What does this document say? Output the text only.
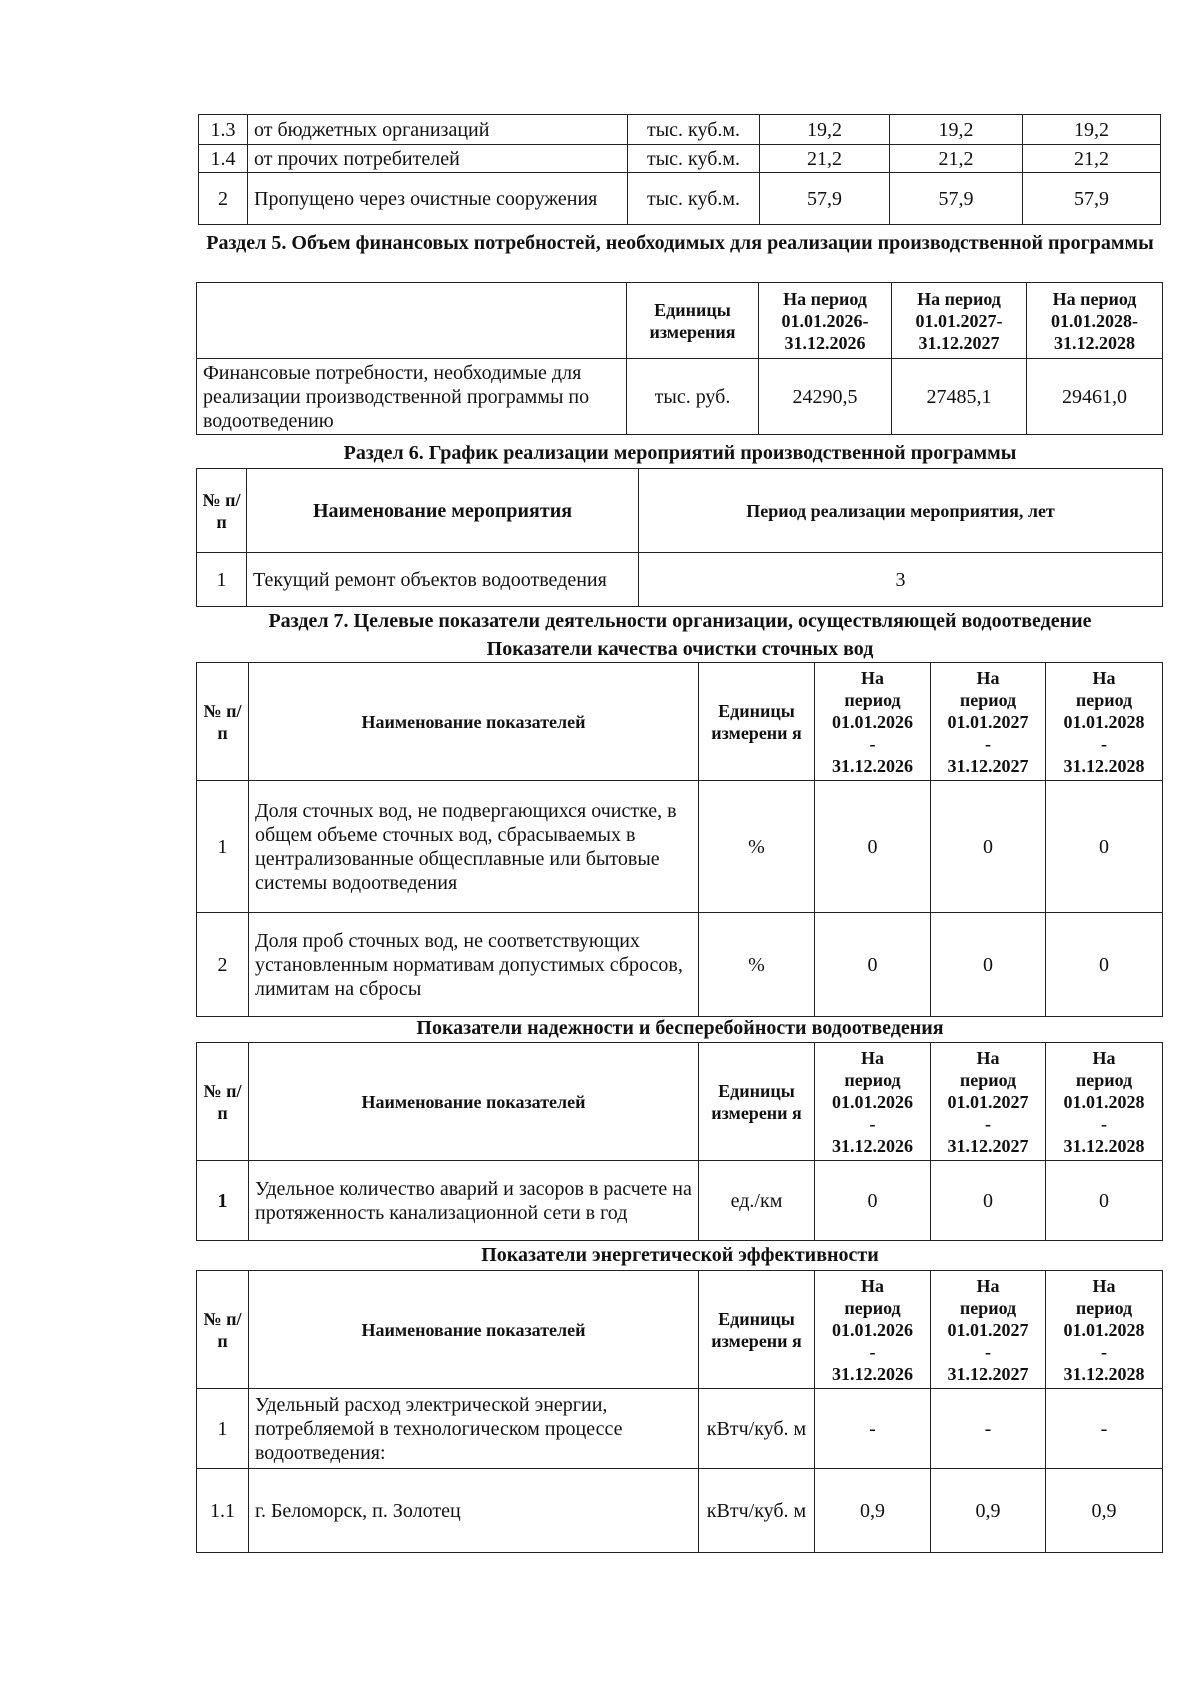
1.3	от бюджетных организаций	тыс. куб.м.	19,2	19,2	19,2
1.4	от прочих потребителей	тыс. куб.м.	21,2	21,2	21,2
2	Пропущено через очистные сооружения	тыс. куб.м.	57,9	57,9	57,9
Раздел 5. Объем финансовых потребностей, необходимых для реализации производственной программы
	Единицы измерения	На период 01.01.2026- 31.12.2026	На период 01.01.2027- 31.12.2027	На период 01.01.2028- 31.12.2028
Финансовые потребности, необходимые для реализации производственной программы по водоотведению	тыс. руб.	24290,5	27485,1	29461,0
Раздел 6. График реализации мероприятий производственной программы
№ п/ п	Наименование мероприятия	Период реализации мероприятия, лет
1	Текущий ремонт объектов водоотведения	3
Раздел 7. Целевые показатели деятельности организации, осуществляющей водоотведение
Показатели качества очистки сточных вод
№ п/п	Наименование показателей	Единицы измерени я	На
период
01.01.2026
-
31.12.2026	На
период
01.01.2027
-
31.12.2027	На
период
01.01.2028
-
31.12.2028

1	Доля сточных вод, не подвергающихся очистке, в общем объеме сточных вод, сбрасываемых в централизованные общесплавные или бытовые системы водоотведения	%	0	0	0
2	Доля проб сточных вод, не соответствующих установленным нормативам допустимых сбросов, лимитам на сбросы	%	0	0	0
Показатели надежности и бесперебойности водоотведения
№ п/п	Наименование показателей	Единицы измерени я	На
период
01.01.2026
-
31.12.2026	На
период
01.01.2027
-
31.12.2027	На
период
01.01.2028
-
31.12.2028

1	Удельное количество аварий и засоров в расчете на протяженность канализационной сети в год	ед./км	0	0	0
Показатели энергетической эффективности
№ п/п	Наименование показателей	Единицы измерени я	На
период
01.01.2026
-
31.12.2026	На
период
01.01.2027
-
31.12.2027	На
период
01.01.2028
-
31.12.2028

1	Удельный расход электрической энергии, потребляемой в технологическом процессе водоотведения:	кВтч/куб. м	-	-	-
1.1	г. Беломорск, п. Золотец	кВтч/куб. м	0,9	0,9	0,9
